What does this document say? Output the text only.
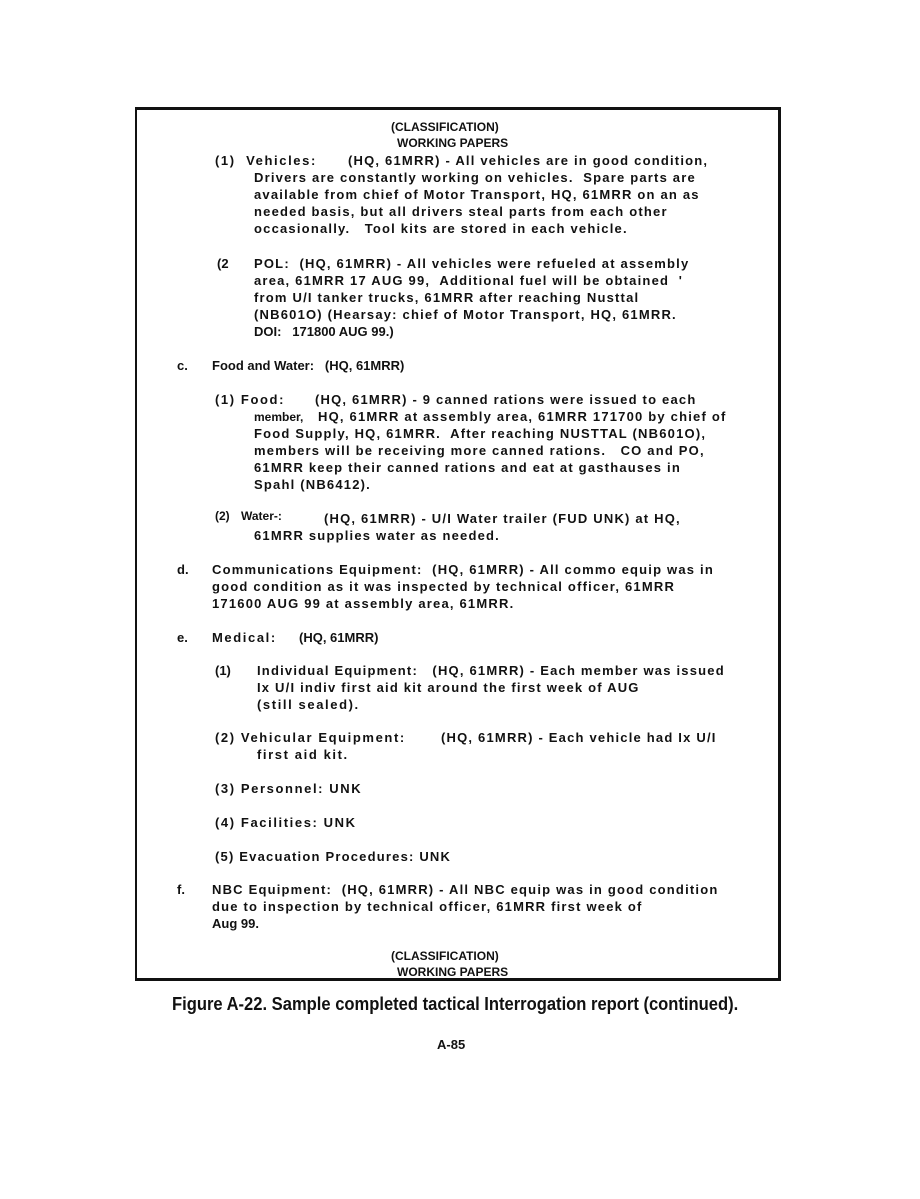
(CLASSIFICATION)
WORKING PAPERS
(1)  Vehicles: (HQ, 61MRR) - All vehicles are in good condition,
Drivers are constantly working on vehicles.  Spare parts are
available from chief of Motor Transport, HQ, 61MRR on an as
needed basis, but all drivers steal parts from each other
occasionally.   Tool kits are stored in each vehicle.
(2 POL:  (HQ, 61MRR) - All vehicles were refueled at assembly
area, 61MRR 17 AUG 99,  Additional fuel will be obtained  '
from U/I tanker trucks, 61MRR after reaching Nusttal
(NB601O) (Hearsay: chief of Motor Transport, HQ, 61MRR.
DOI:   171800 AUG 99.)
c. Food and Water:   (HQ, 61MRR)
(1) Food: (HQ, 61MRR) - 9 canned rations were issued to each
member, HQ, 61MRR at assembly area, 61MRR 171700 by chief of
Food Supply, HQ, 61MRR.  After reaching NUSTTAL (NB601O),
members will be receiving more canned rations.   CO and PO,
61MRR keep their canned rations and eat at gasthauses in
Spahl (NB6412).
(2) Water-:	(HQ, 61MRR) - U/I Water trailer (FUD UNK) at HQ,
61MRR supplies water as needed.
d. Communications Equipment:  (HQ, 61MRR) - All commo equip was in
good condition as it was inspected by technical officer, 61MRR
171600 AUG 99 at assembly area, 61MRR.
e. Medical: (HQ, 61MRR)
(1) Individual Equipment:   (HQ, 61MRR) - Each member was issued
Ix U/I indiv first aid kit around the first week of AUG
(still sealed).
(2) Vehicular Equipment:	(HQ, 61MRR) - Each vehicle had Ix U/I
first aid kit.
(3) Personnel: UNK
(4) Facilities: UNK
(5) Evacuation Procedures: UNK
f. NBC Equipment:  (HQ, 61MRR) - All NBC equip was in good condition
due to inspection by technical officer, 61MRR first week of
Aug 99.
(CLASSIFICATION)
WORKING PAPERS
Figure A-22. Sample completed tactical Interrogation report (continued).
A-85
